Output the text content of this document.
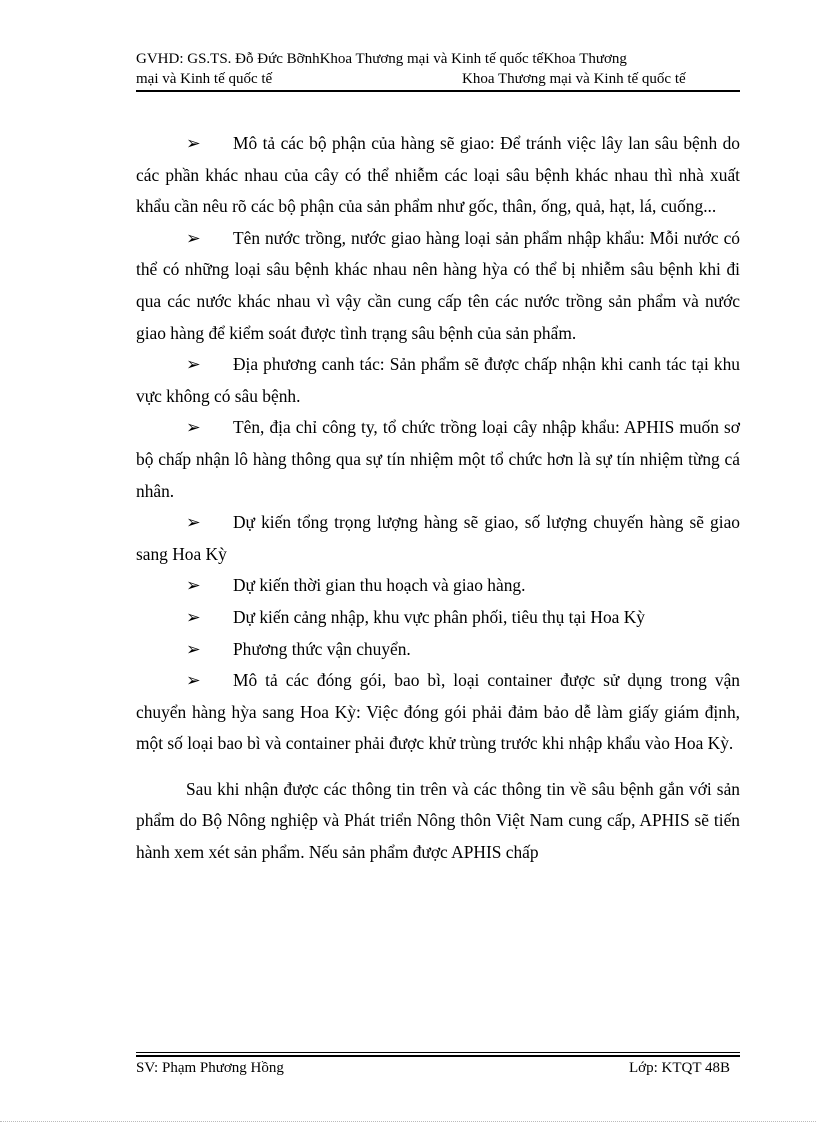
GVHD: GS.TS. Đỗ Đức BỡnhKhoa Thương mại và Kinh tế quốc tếKhoa Thương
mại và Kinh tế quốc tế	Khoa Thương mại và Kinh tế quốc tế

➢ Mô tả các bộ phận của hàng sẽ giao: Để tránh việc lây lan sâu bệnh do các phần khác nhau của cây có thể nhiễm các loại sâu bệnh khác nhau thì nhà xuất khẩu cần nêu rõ các bộ phận của sản phẩm như gốc, thân, ống, quả, hạt, lá, cuống...

➢ Tên nước trồng, nước giao hàng loại sản phẩm nhập khẩu: Mỗi nước có thể có những loại sâu bệnh khác nhau nên hàng hỳa có thể bị nhiễm sâu bệnh khi đi qua các nước khác nhau vì vậy cần cung cấp tên các nước trồng sản phẩm và nước giao hàng để kiểm soát được tình trạng sâu bệnh của sản phẩm.

➢ Địa phương canh tác: Sản phẩm sẽ được chấp nhận khi canh tác tại khu vực không có sâu bệnh.

➢ Tên, địa chỉ công ty, tổ chức trồng loại cây nhập khẩu: APHIS muốn sơ bộ chấp nhận lô hàng thông qua sự tín nhiệm một tổ chức hơn là sự tín nhiệm từng cá nhân.

➢ Dự kiến tổng trọng lượng hàng sẽ giao, số lượng chuyến hàng sẽ giao sang Hoa Kỳ

➢ Dự kiến thời gian thu hoạch và giao hàng.

➢ Dự kiến cảng nhập, khu vực phân phối, tiêu thụ tại Hoa Kỳ

➢ Phương thức vận chuyển.

➢ Mô tả các đóng gói, bao bì, loại container được sử dụng trong vận chuyển hàng hỳa sang Hoa Kỳ: Việc đóng gói phải đảm bảo dễ làm giấy giám định, một số loại bao bì và container phải được khử trùng trước khi nhập khẩu vào Hoa Kỳ.

Sau khi nhận được các thông tin trên và các thông tin về sâu bệnh gắn với sản phẩm do Bộ Nông nghiệp và Phát triển Nông thôn Việt Nam cung cấp, APHIS sẽ tiến hành xem xét sản phẩm. Nếu sản phẩm được APHIS chấp

SV: Phạm Phương Hồng	Lớp: KTQT 48B
